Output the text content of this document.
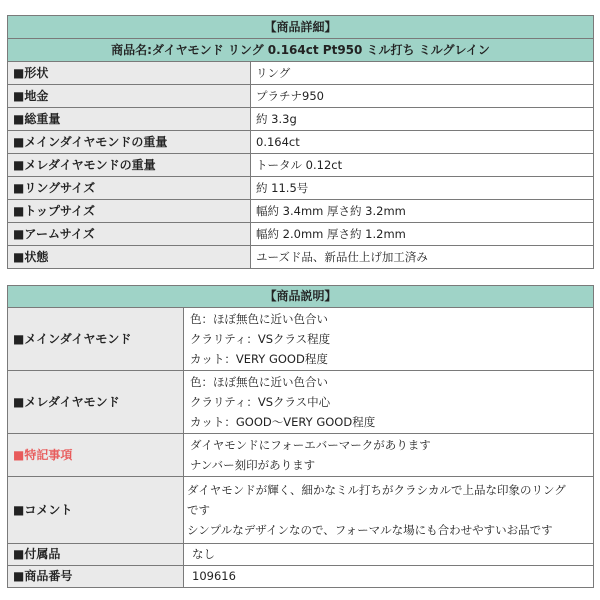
【商品詳細】	
商品名:ダイヤモンド リング 0.164ct Pt950 ミル打ち ミルグレイン	
■形状	リング
■地金	プラチナ950
■総重量	約 3.3g
■メインダイヤモンドの重量	0.164ct
■メレダイヤモンドの重量	トータル 0.12ct
■リングサイズ	約 11.5号
■トップサイズ	幅約 3.4mm 厚さ約 3.2mm
■アームサイズ	幅約 2.0mm 厚さ約 1.2mm
■状態	ユーズド品、新品仕上げ加工済み
【商品説明】	
■メインダイヤモンド	色：ほぼ無色に近い色合い
クラリティ：VSクラス程度
カット：VERY GOOD程度

■メレダイヤモンド	色：ほぼ無色に近い色合い
クラリティ：VSクラス中心
カット：GOOD〜VERY GOOD程度

■特記事項	ダイヤモンドにフォーエバーマークがあります
ナンバー刻印があります

■コメント	ダイヤモンドが輝く、細かなミル打ちがクラシカルで上品な印象のリング
です
シンプルなデザインなので、フォーマルな場にも合わせやすいお品です

■付属品	なし
■商品番号	109616
